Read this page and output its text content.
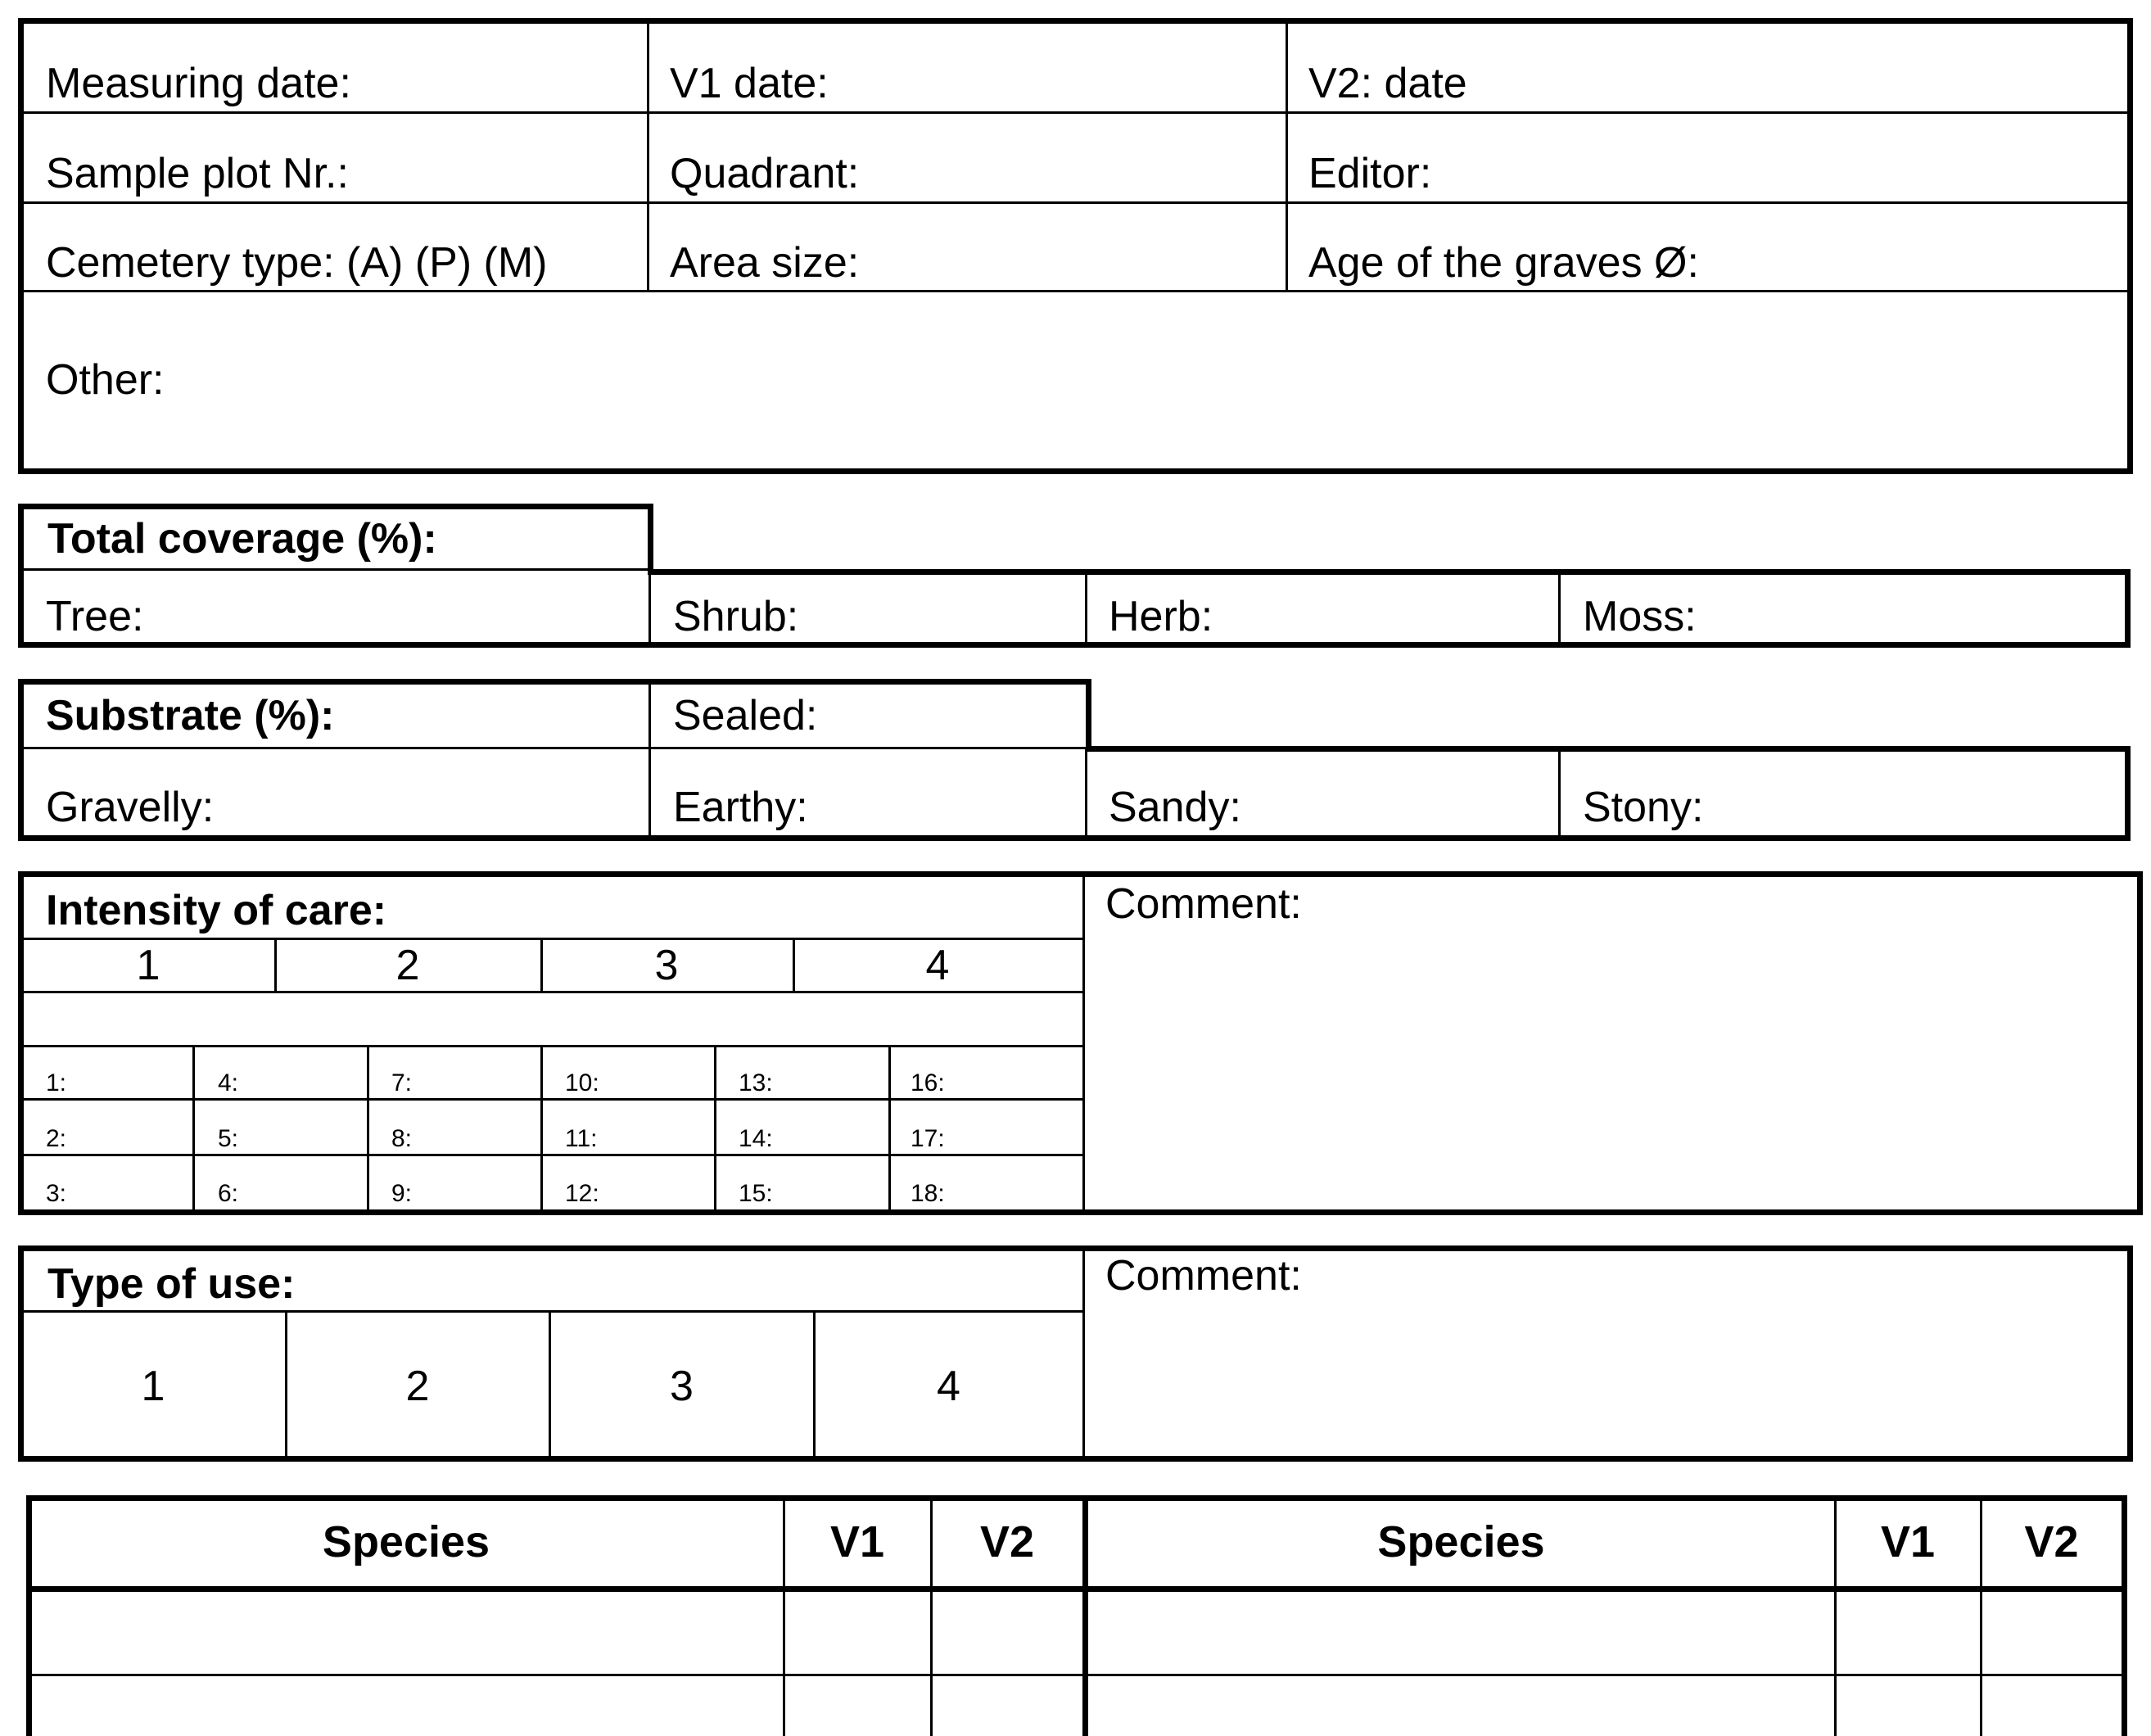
Measuring date:	V1 date:	V2: date
Sample plot Nr.:	Quadrant:	Editor:
Cemetery type: (A) (P) (M)	Area size:	Age of the graves Ø:
Other:
Total coverage (%):
Tree:	Shrub:	Herb:	Moss:
Substrate (%):	Sealed:
Gravelly:	Earthy:	Sandy:	Stony:
Intensity of care:	Comment:
1	2	3	4
1:	4:	7:	10:	13:	16:
2:	5:	8:	11:	14:	17:
3:	6:	9:	12:	15:	18:
Type of use:	Comment:
1	2	3	4
Species	V1	V2	Species	V1	V2
